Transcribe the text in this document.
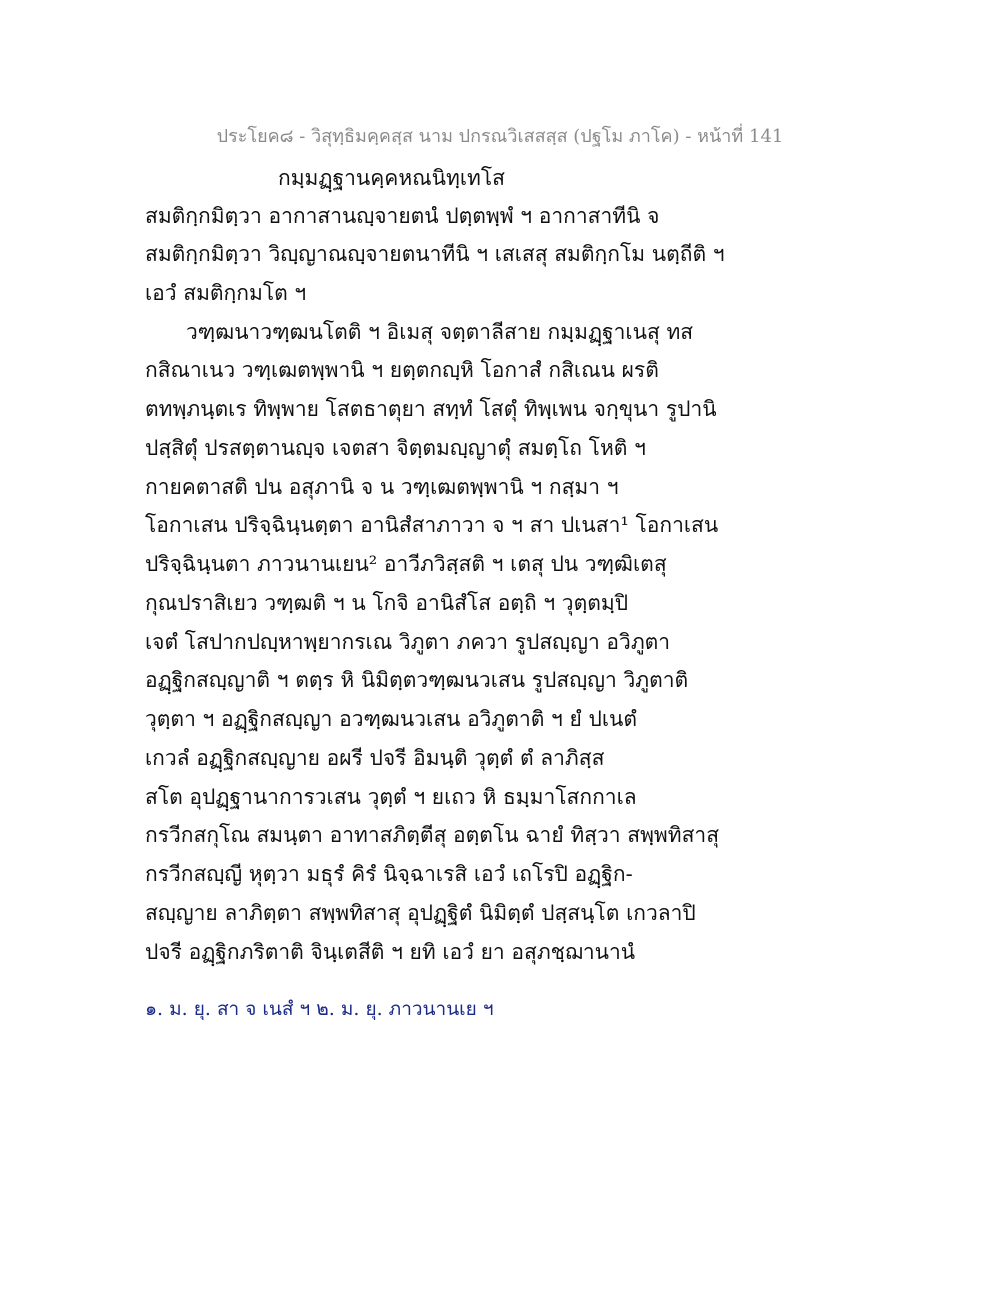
ประโยค๘ - วิสุทฺธิมคฺคสฺส นาม ปกรณวิเสสสฺส (ปฐโม ภาโค) - หน้าที่ 141
กมฺมฏฺฐานคฺคหณนิทฺเทโส
สมติกฺกมิตฺวา อากาสานญฺจายตนํ ปตฺตพฺพํ ฯ อากาสาทีนิ จ
สมติกฺกมิตฺวา วิญฺญาณญฺจายตนาทีนิ ฯ เสเสสุ สมติกฺกโม นตฺถีติ ฯ
เอวํ สมติกฺกมโต ฯ
วฑฺฒนาวฑฺฒนโตติ ฯ อิเมสุ จตฺตาลีสาย กมฺมฏฺฐาเนสุ ทส
กสิณาเนว วฑฺเฒตพฺพานิ ฯ ยตฺตกญฺหิ โอกาสํ กสิเณน ผรติ
ตทพฺภนฺตเร ทิพฺพาย โสตธาตุยา สทฺทํ โสตุํ ทิพฺเพน จกฺขุนา รูปานิ
ปสฺสิตุํ ปรสตฺตานญฺจ เจตสา จิตฺตมญฺญาตุํ สมตฺโถ โหติ ฯ
กายคตาสติ ปน อสุภานิ จ น วฑฺเฒตพฺพานิ ฯ กสฺมา ฯ
โอกาเสน ปริจฺฉินฺนตฺตา อานิสํสาภาวา จ ฯ สา ปเนสา¹ โอกาเสน
ปริจฺฉินฺนตา ภาวนานเยน² อาวีภวิสฺสติ ฯ เตสุ ปน วฑฺฒิเตสุ
กุณปราสิเยว วฑฺฒติ ฯ น โกจิ อานิสํโส อตฺถิ ฯ วุตฺตมฺปิ
เจตํ โสปากปญฺหาพฺยากรเณ วิภูตา ภควา รูปสญฺญา อวิภูตา
อฏฺฐิกสญฺญาติ ฯ ตตฺร หิ นิมิตฺตวฑฺฒนวเสน รูปสญฺญา วิภูตาติ
วุตฺตา ฯ อฏฺฐิกสญฺญา อวฑฺฒนวเสน อวิภูตาติ ฯ ยํ ปเนตํ
เกวลํ อฏฺฐิกสญฺญาย อผรี ปจรี อิมนฺติ วุตฺตํ ตํ ลาภิสฺส
สโต อุปฏฺฐานาการวเสน วุตฺตํ ฯ ยเถว หิ ธมฺมาโสกกาเล
กรวีกสกุโณ สมนฺตา อาทาสภิตฺตีสุ อตฺตโน ฉายํ ทิสฺวา สพฺพทิสาสุ
กรวีกสญฺญี หุตฺวา มธุรํ คิรํ นิจฺฉาเรสิ เอวํ เถโรปิ อฏฺฐิก-
สญฺญาย ลาภิตฺตา สพฺพทิสาสุ อุปฏฺฐิตํ นิมิตฺตํ ปสฺสนฺโต เกวลาปิ
ปจรี อฏฺฐิกภริตาติ จินฺเตสีติ ฯ ยทิ เอวํ ยา อสุภชฺฌานานํ
๑. ม. ยุ. สา จ เนสํ ฯ ๒. ม. ยุ. ภาวนานเย ฯ
